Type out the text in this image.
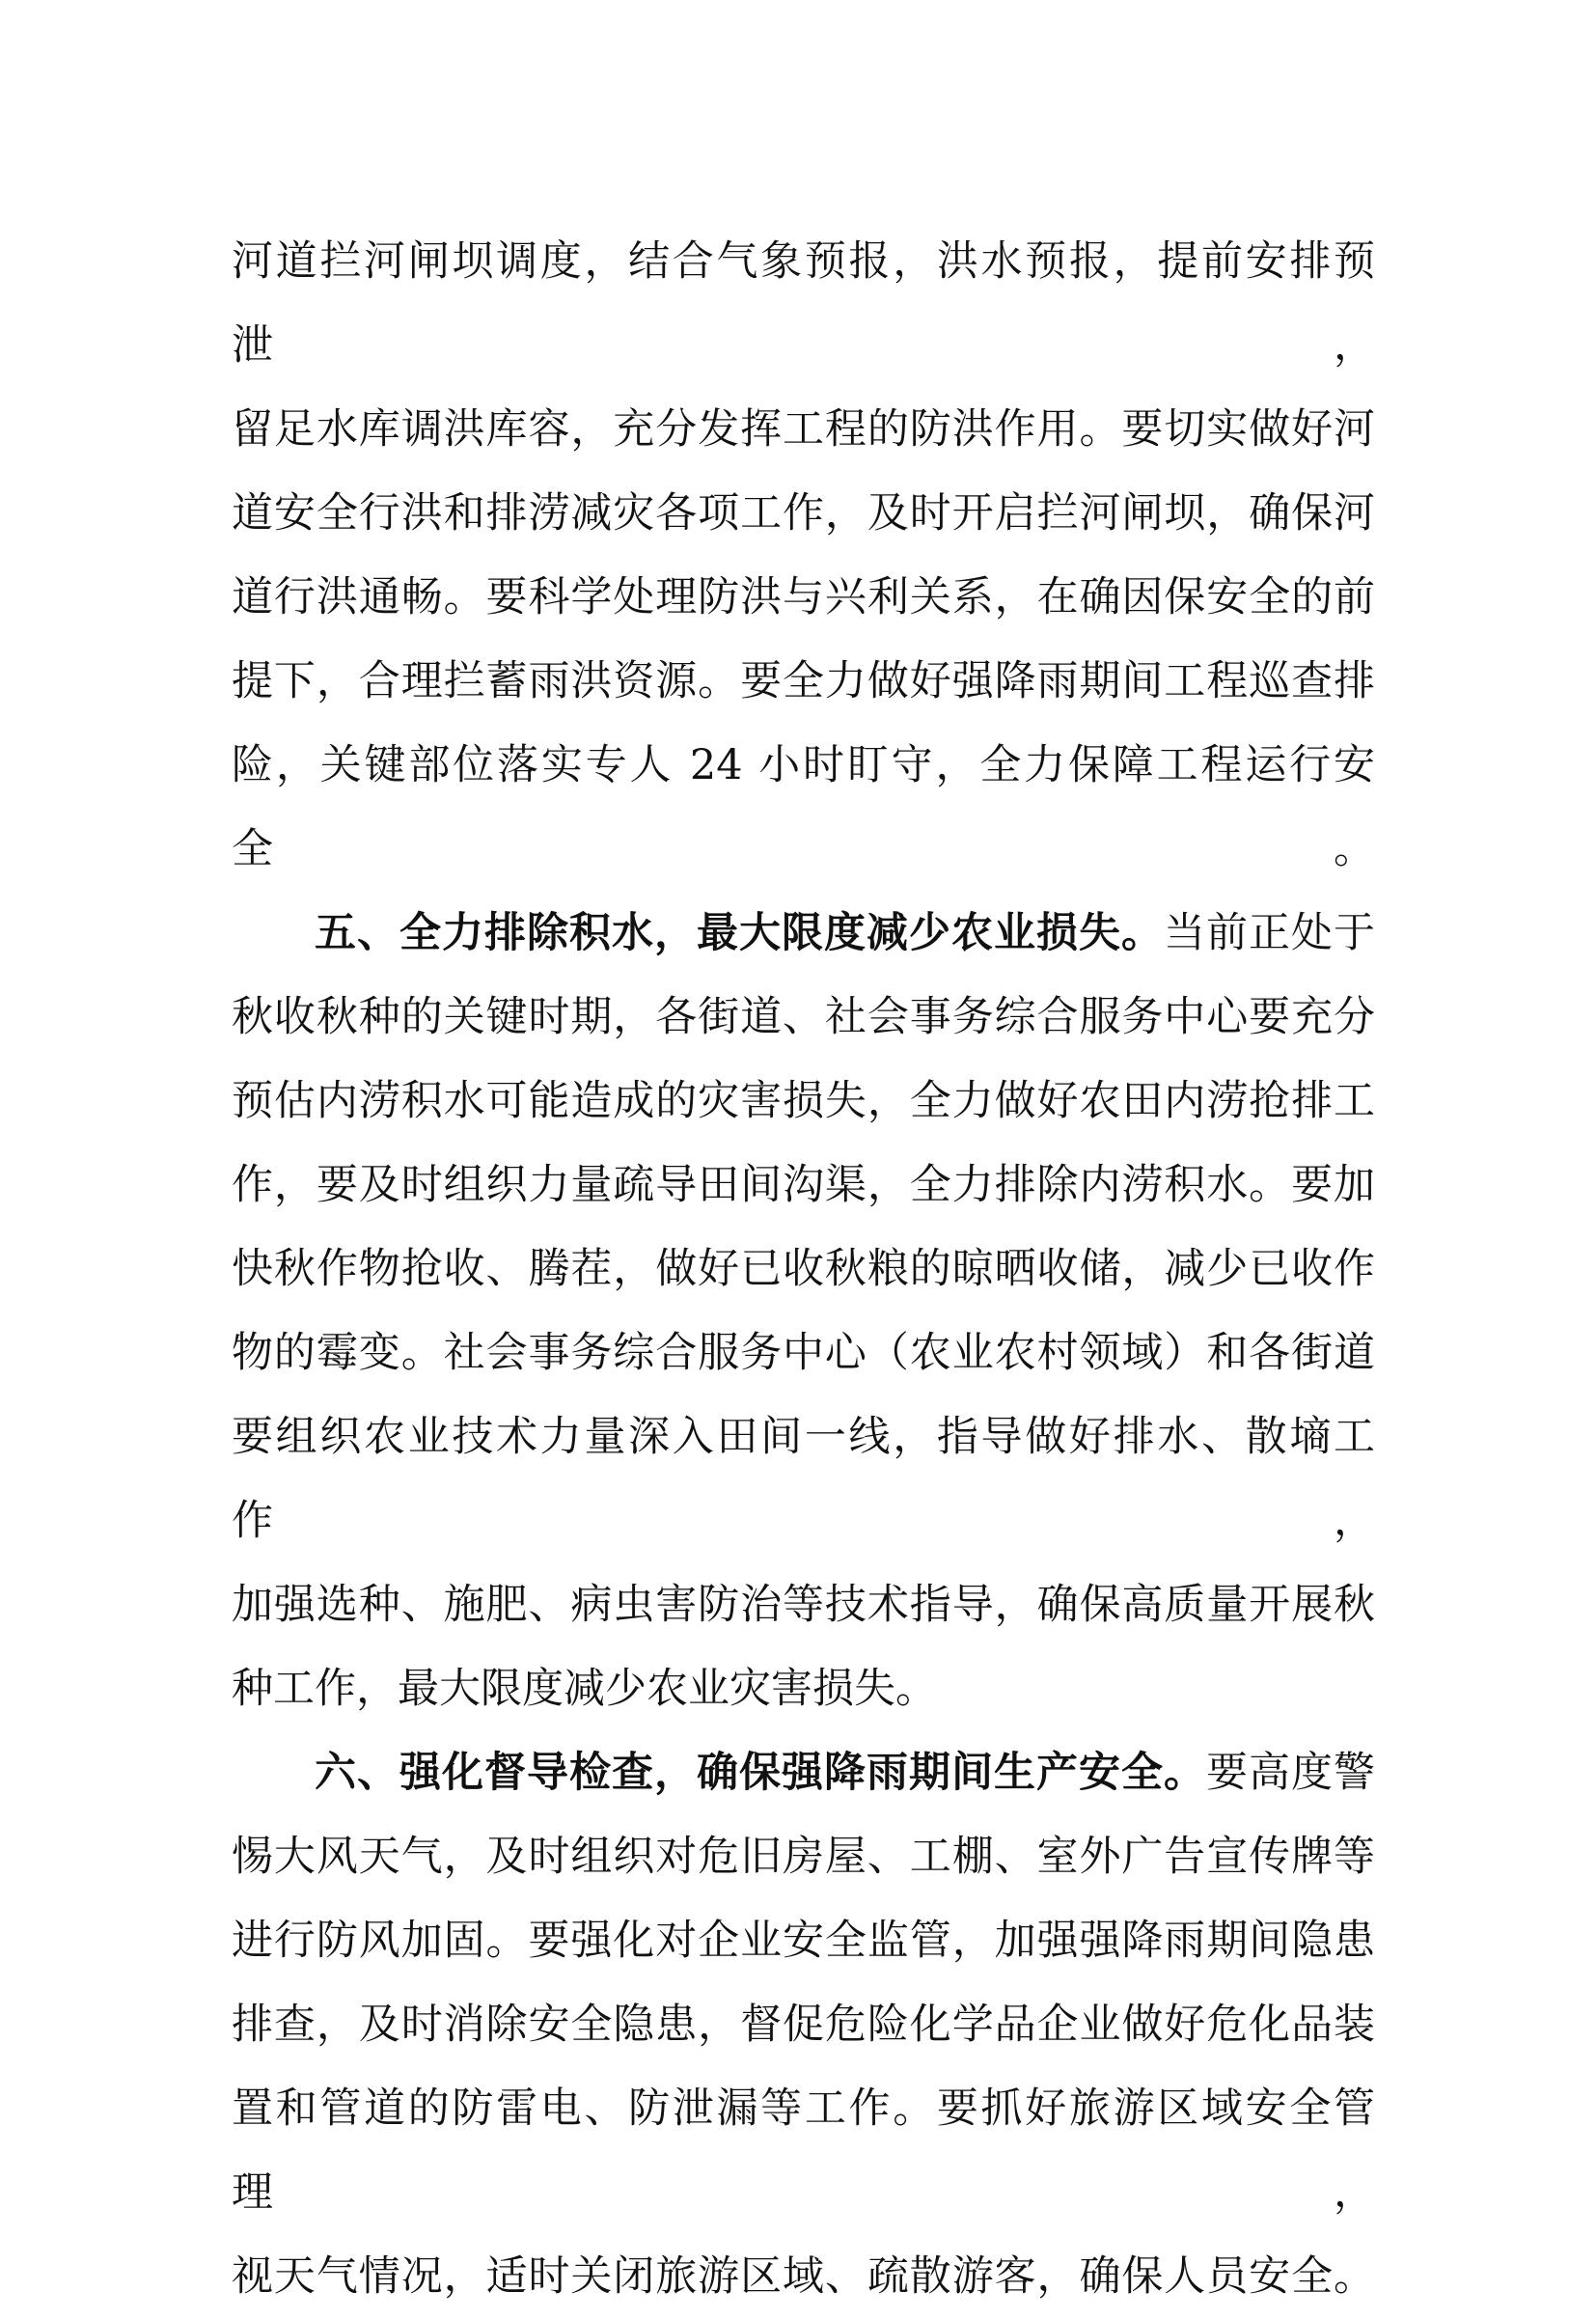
河道拦河闸坝调度，结合气象预报，洪水预报，提前安排预泄，
留足水库调洪库容，充分发挥工程的防洪作用。要切实做好河
道安全行洪和排涝减灾各项工作，及时开启拦河闸坝，确保河
道行洪通畅。要科学处理防洪与兴利关系，在确因保安全的前
提下，合理拦蓄雨洪资源。要全力做好强降雨期间工程巡查排
险，关键部位落实专人 24 小时盯守，全力保障工程运行安全。
五、全力排除积水，最大限度减少农业损失。当前正处于
秋收秋种的关键时期，各街道、社会事务综合服务中心要充分
预估内涝积水可能造成的灾害损失，全力做好农田内涝抢排工
作，要及时组织力量疏导田间沟渠，全力排除内涝积水。要加
快秋作物抢收、腾茬，做好已收秋粮的晾晒收储，减少已收作
物的霉变。社会事务综合服务中心（农业农村领域）和各街道
要组织农业技术力量深入田间一线，指导做好排水、散墒工作，
加强选种、施肥、病虫害防治等技术指导，确保高质量开展秋
种工作，最大限度减少农业灾害损失。
六、强化督导检查，确保强降雨期间生产安全。要高度警
惕大风天气，及时组织对危旧房屋、工棚、室外广告宣传牌等
进行防风加固。要强化对企业安全监管，加强强降雨期间隐患
排查，及时消除安全隐患，督促危险化学品企业做好危化品装
置和管道的防雷电、防泄漏等工作。要抓好旅游区域安全管理，
视天气情况，适时关闭旅游区域、疏散游客，确保人员安全。
